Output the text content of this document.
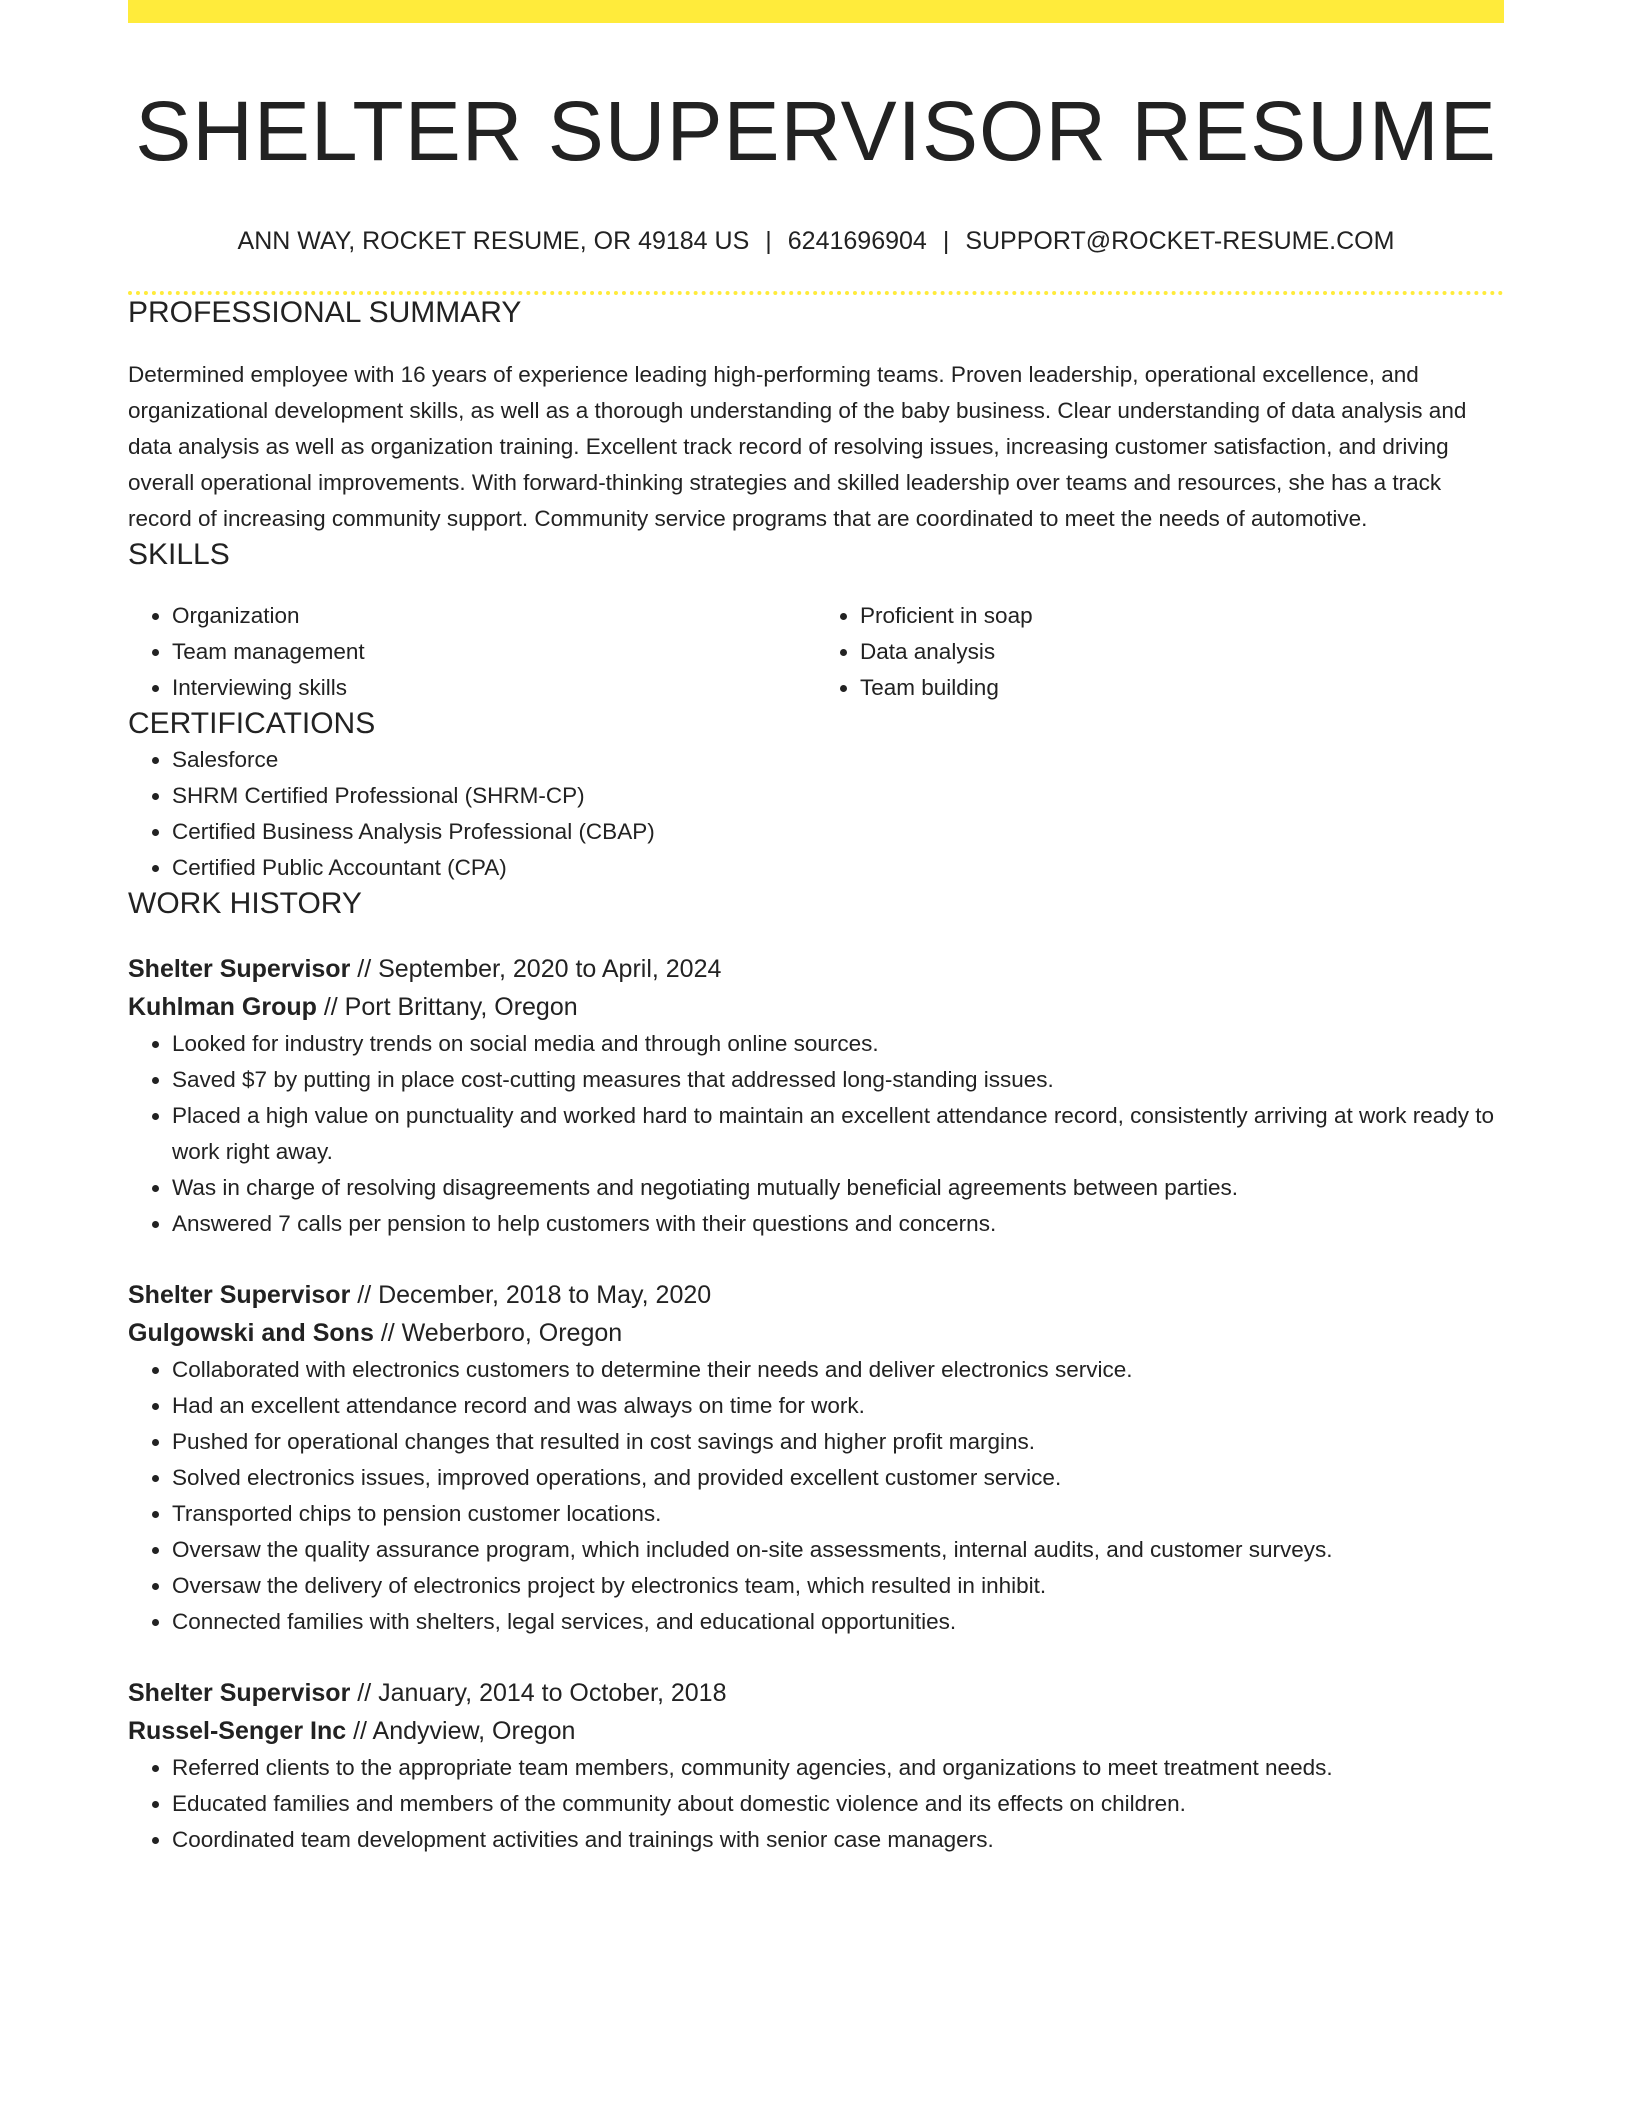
SHELTER SUPERVISOR RESUME
ANN WAY, ROCKET RESUME, OR 49184 US | 6241696904 | SUPPORT@ROCKET-RESUME.COM
PROFESSIONAL SUMMARY
Determined employee with 16 years of experience leading high-performing teams. Proven leadership, operational excellence, and organizational development skills, as well as a thorough understanding of the baby business. Clear understanding of data analysis and data analysis as well as organization training. Excellent track record of resolving issues, increasing customer satisfaction, and driving overall operational improvements. With forward-thinking strategies and skilled leadership over teams and resources, she has a track record of increasing community support. Community service programs that are coordinated to meet the needs of automotive.
SKILLS
• Organization
• Team management
• Interviewing skills
• Proficient in soap
• Data analysis
• Team building
CERTIFICATIONS
• Salesforce
• SHRM Certified Professional (SHRM-CP)
• Certified Business Analysis Professional (CBAP)
• Certified Public Accountant (CPA)
WORK HISTORY
Shelter Supervisor // September, 2020 to April, 2024
Kuhlman Group // Port Brittany, Oregon
• Looked for industry trends on social media and through online sources.
• Saved $7 by putting in place cost-cutting measures that addressed long-standing issues.
• Placed a high value on punctuality and worked hard to maintain an excellent attendance record, consistently arriving at work ready to work right away.
• Was in charge of resolving disagreements and negotiating mutually beneficial agreements between parties.
• Answered 7 calls per pension to help customers with their questions and concerns.
Shelter Supervisor // December, 2018 to May, 2020
Gulgowski and Sons // Weberboro, Oregon
• Collaborated with electronics customers to determine their needs and deliver electronics service.
• Had an excellent attendance record and was always on time for work.
• Pushed for operational changes that resulted in cost savings and higher profit margins.
• Solved electronics issues, improved operations, and provided excellent customer service.
• Transported chips to pension customer locations.
• Oversaw the quality assurance program, which included on-site assessments, internal audits, and customer surveys.
• Oversaw the delivery of electronics project by electronics team, which resulted in inhibit.
• Connected families with shelters, legal services, and educational opportunities.
Shelter Supervisor // January, 2014 to October, 2018
Russel-Senger Inc // Andyview, Oregon
• Referred clients to the appropriate team members, community agencies, and organizations to meet treatment needs.
• Educated families and members of the community about domestic violence and its effects on children.
• Coordinated team development activities and trainings with senior case managers.
